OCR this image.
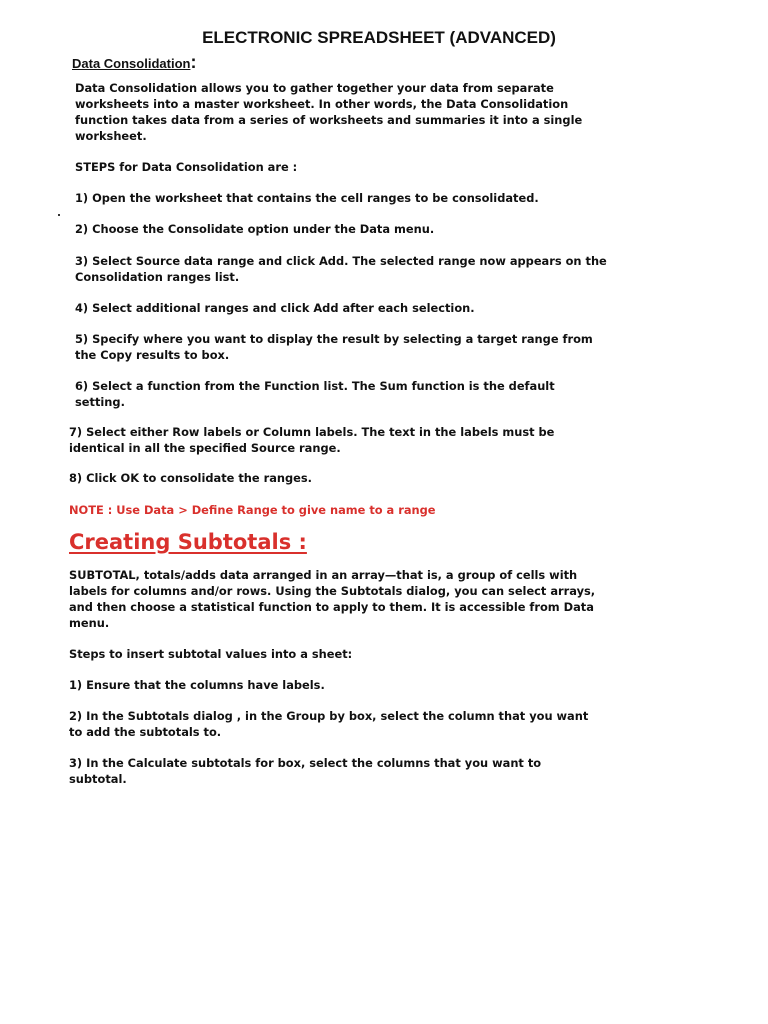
ELECTRONIC SPREADSHEET (ADVANCED)
Data Consolidation:

Data Consolidation allows you to gather together your data from separate
worksheets into a master worksheet. In other words, the Data Consolidation
function takes data from a series of worksheets and summaries it into a single
worksheet.

STEPS for Data Consolidation are :

1) Open the worksheet that contains the cell ranges to be consolidated.

2) Choose the Consolidate option under the Data menu.

3) Select Source data range and click Add. The selected range now appears on the
Consolidation ranges list.

4) Select additional ranges and click Add after each selection.

5) Specify where you want to display the result by selecting a target range from
the Copy results to box.

6) Select a function from the Function list. The Sum function is the default
setting.

7) Select either Row labels or Column labels. The text in the labels must be
identical in all the specified Source range.

8) Click OK to consolidate the ranges.

NOTE : Use Data > Define Range to give name to a range

Creating Subtotals :

SUBTOTAL, totals/adds data arranged in an array—that is, a group of cells with
labels for columns and/or rows. Using the Subtotals dialog, you can select arrays,
and then choose a statistical function to apply to them. It is accessible from Data
menu.

Steps to insert subtotal values into a sheet:

1) Ensure that the columns have labels.

2) In the Subtotals dialog , in the Group by box, select the column that you want
to add the subtotals to.

3) In the Calculate subtotals for box, select the columns that you want to
subtotal.
